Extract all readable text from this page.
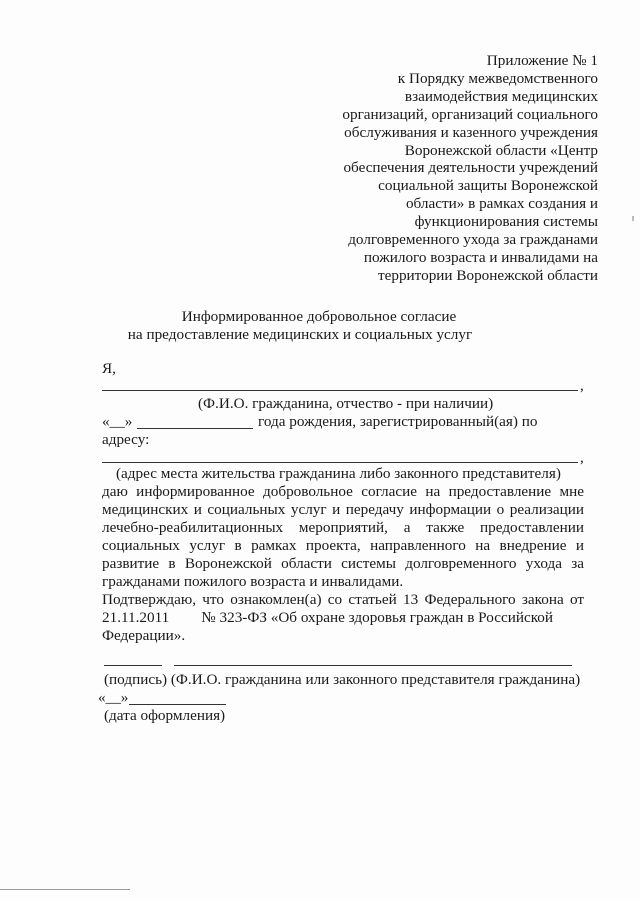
Приложение № 1
к Порядку межведомственного
взаимодействия медицинских
организаций, организаций социального
обслуживания и казенного учреждения
Воронежской области «Центр
обеспечения деятельности учреждений
социальной защиты Воронежской
области» в рамках создания и
функционирования системы
долговременного ухода за гражданами
пожилого возраста и инвалидами на
территории Воронежской области
Информированное добровольное согласие
на предоставление медицинских и социальных услуг
Я,
,
(Ф.И.О. гражданина, отчество - при наличии)
«__»	года рождения, зарегистрированный(ая) по
адресу:
,
(адрес места жительства гражданина либо законного представителя)
даю информированное добровольное согласие на предоставление мне
медицинских и социальных услуг и передачу информации о реализации
лечебно-реабилитационных мероприятий, а также предоставлении
социальных услуг в рамках проекта, направленного на внедрение и
развитие в Воронежской области системы долговременного ухода за
гражданами пожилого возраста и инвалидами.
Подтверждаю, что ознакомлен(а) со статьей 13 Федерального закона от
21.11.2011 № 323-ФЗ «Об охране здоровья граждан в Российской
Федерации».
(подпись) (Ф.И.О. гражданина или законного представителя гражданина)
«__»
(дата оформления)
